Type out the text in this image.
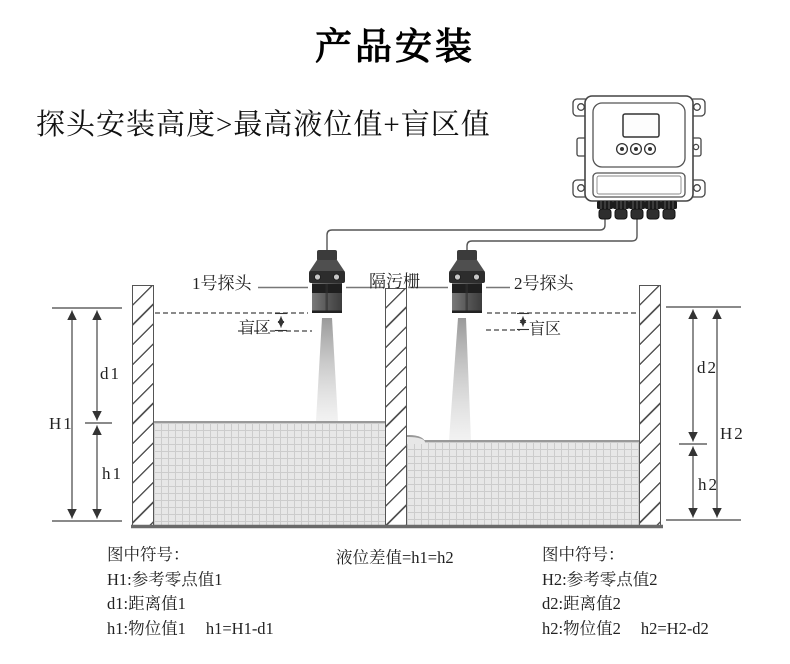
产品安装
探头安装高度>最高液位值+盲区值
1号探头	隔污栅	2号探头
盲区	盲区
H1
d1
h1
d2
H2
h2
图中符号：
H1:参考零点值1
d1:距离值1
h1:物位值1 h1=H1-d1
液位差值=h1=h2	图中符号：
H2:参考零点值2
d2:距离值2
h2:物位值2 h2=H2-d2
